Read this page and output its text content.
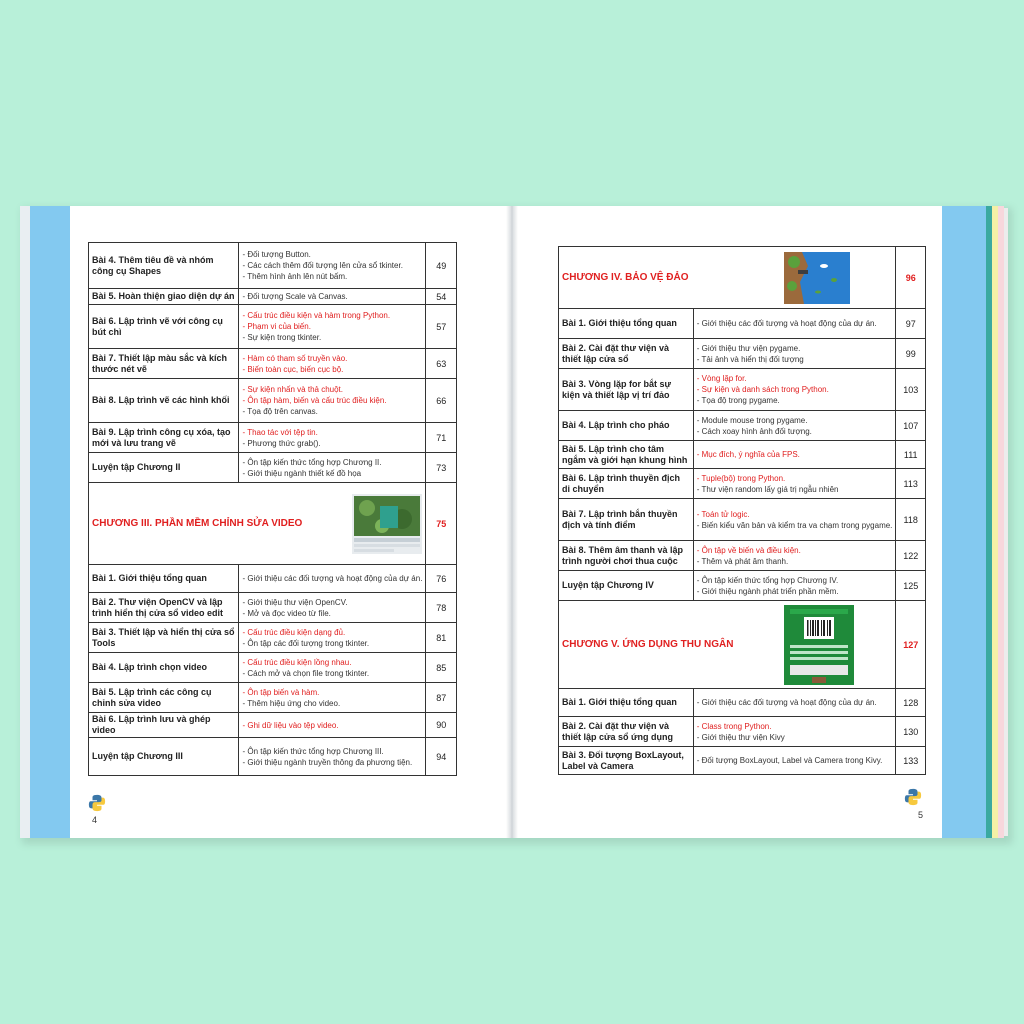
Bài 4. Thêm tiêu đề và nhóm công cụ Shapes	- Đối tượng Button.
- Các cách thêm đối tượng lên cửa sổ tkinter.
- Thêm hình ảnh lên nút bấm.	49
Bài 5. Hoàn thiện giao diện dự án	- Đối tượng Scale và Canvas.	54
Bài 6. Lập trình vẽ với công cụ bút chì	- Cấu trúc điều kiện và hàm trong Python.
- Phạm vi của biến.
- Sự kiện trong tkinter.	57
Bài 7. Thiết lập màu sắc và kích thước nét vẽ	- Hàm có tham số truyền vào.
- Biến toàn cục, biến cục bộ.	63
Bài 8. Lập trình vẽ các hình khối	- Sự kiện nhấn và thả chuột.
- Ôn tập hàm, biến và cấu trúc điều kiện.
- Tọa độ trên canvas.	66
Bài 9. Lập trình công cụ xóa, tạo mới và lưu trang vẽ	- Thao tác với tệp tin.
- Phương thức grab().	71
Luyện tập Chương II	- Ôn tập kiến thức tổng hợp Chương II.
- Giới thiệu ngành thiết kế đồ họa	73

CHƯƠNG III. PHẦN MỀM CHỈNH SỬA VIDEO		75
Bài 1. Giới thiệu tổng quan	- Giới thiệu các đối tượng và hoạt động của dự án.	76
Bài 2. Thư viện OpenCV và lập trình hiển thị cửa sổ video edit	- Giới thiệu thư viện OpenCV.
- Mở và đọc video từ file.	78
Bài 3. Thiết lập và hiển thị cửa sổ Tools	- Cấu trúc điều kiện dạng đủ.
- Ôn tập các đối tượng trong tkinter.	81
Bài 4. Lập trình chọn video	- Cấu trúc điều kiện lồng nhau.
- Cách mở và chọn file trong tkinter.	85
Bài 5. Lập trình các công cụ chỉnh sửa video	- Ôn tập biến và hàm.
- Thêm hiệu ứng cho video.	87
Bài 6. Lập trình lưu và ghép video	- Ghi dữ liệu vào tệp video.	90
Luyện tập Chương III	- Ôn tập kiến thức tổng hợp Chương III.
- Giới thiệu ngành truyền thông đa phương tiện.	94
CHƯƠNG IV. BẢO VỆ ĐẢO		96
Bài 1. Giới thiệu tổng quan	- Giới thiệu các đối tượng và hoạt động của dự án.	97
Bài 2. Cài đặt thư viện và thiết lập cửa sổ	- Giới thiệu thư viện pygame.
- Tải ảnh và hiển thị đối tượng	99
Bài 3. Vòng lặp for bắt sự kiện và thiết lập vị trí đảo	- Vòng lặp for.
- Sự kiện và danh sách trong Python.
- Tọa độ trong pygame.	103
Bài 4. Lập trình cho pháo	- Module mouse trong pygame.
- Cách xoay hình ảnh đối tượng.	107
Bài 5. Lập trình cho tâm ngắm và giới hạn khung hình	- Mục đích, ý nghĩa của FPS.	111
Bài 6. Lập trình thuyền địch di chuyển	- Tuple(bộ) trong Python.
- Thư viện random lấy giá trị ngẫu nhiên	113
Bài 7. Lập trình bắn thuyền địch và tính điểm	- Toán tử logic.
- Biến kiểu văn bản và kiểm tra va chạm trong pygame.	118
Bài 8. Thêm âm thanh và lập trình người chơi thua cuộc	- Ôn tập về biến và điều kiện.
- Thêm và phát âm thanh.	122
Luyện tập Chương IV	- Ôn tập kiến thức tổng hợp Chương IV.
- Giới thiệu ngành phát triển phần mềm.	125

CHƯƠNG V. ỨNG DỤNG THU NGÂN		127
Bài 1. Giới thiệu tổng quan	- Giới thiệu các đối tượng và hoạt động của dự án.	128
Bài 2. Cài đặt thư viện và thiết lập cửa sổ ứng dụng	- Class trong Python.
- Giới thiệu thư viện Kivy	130
Bài 3. Đối tượng BoxLayout, Label và Camera	- Đối tượng BoxLayout, Label và Camera trong Kivy.	133
4	5
